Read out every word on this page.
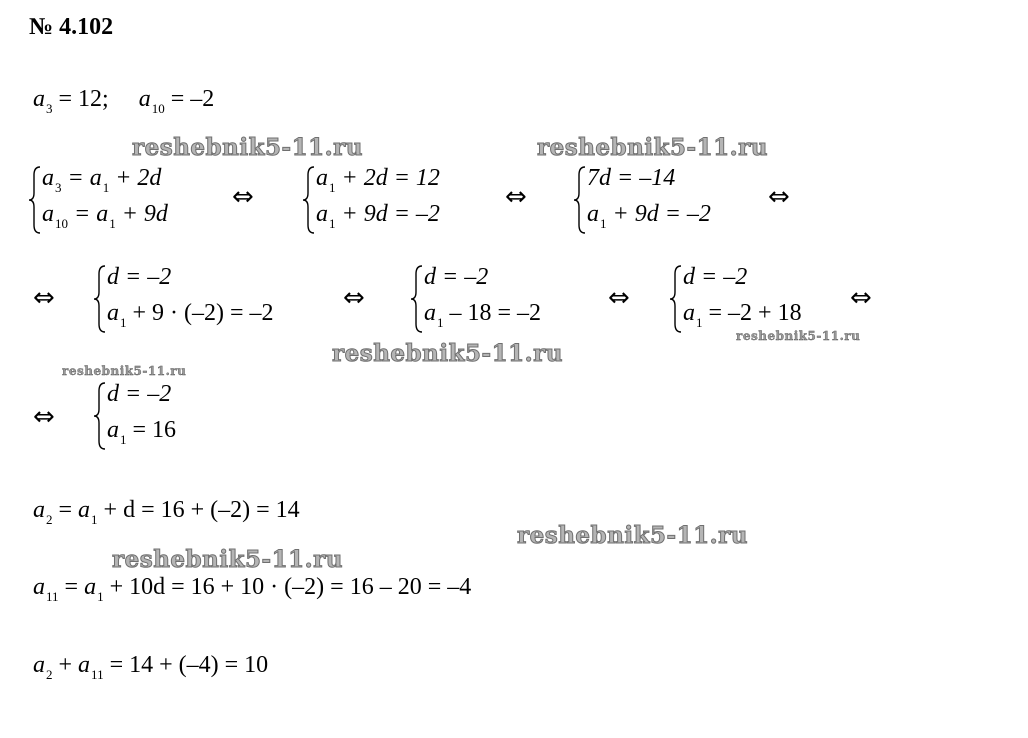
№ 4.102
$a_3 = 12$; $a_{10} = -2$
reshebnik5-11.ru	reshebnik5-11.ru
reshebnik5-11.ru
reshebnik5-11.ru
reshebnik5-11.ru
reshebnik5-11.ru
reshebnik5-11.ru
$a_3 = a_1 + 2d$
$a_{10} = a_1 + 9d$
⇔
$a_1 + 2d = 12$
$a_1 + 9d = -2$
⇔
7d = –14
$a_1 + 9d = -2$
⇔
⇔
d = –2
$a_1 + 9 \cdot (-2) = -2$	⇔
d = –2
$a_1 - 18 = -2$	⇔
d = –2
$a_1 = -2 + 18$ ⇔
⇔
d = –2
$a_1 = 16$
$a_2 = a_1 + d = 16 + (-2) = 14$
$a_{11} = a_1 + 10d = 16 + 10 \cdot (-2) = 16 - 20 = -4$
$a_2 + a_{11} = 14 + (-4) = 10$
